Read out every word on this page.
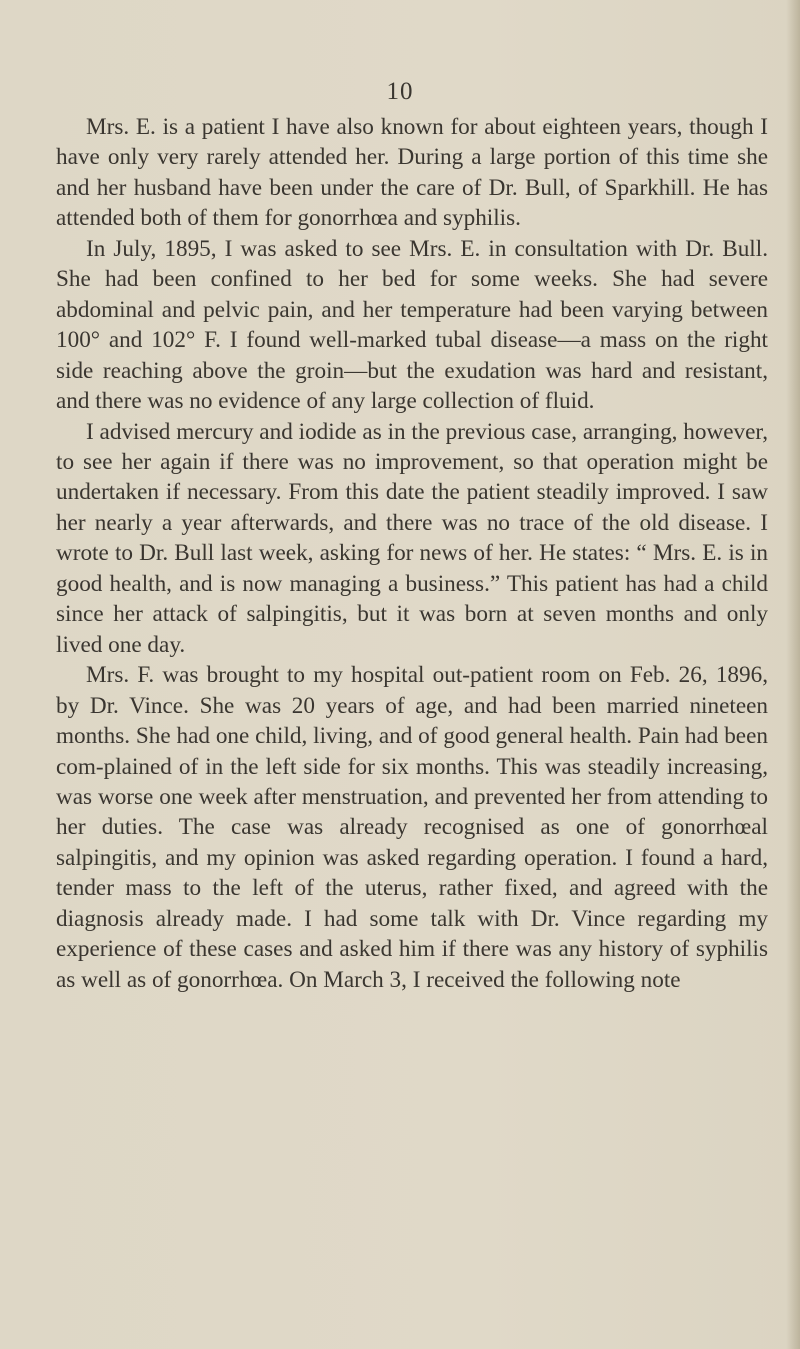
10

Mrs. E. is a patient I have also known for about eighteen years, though I have only very rarely attended her. During a large portion of this time she and her husband have been under the care of Dr. Bull, of Sparkhill. He has attended both of them for gonorrhœa and syphilis.

In July, 1895, I was asked to see Mrs. E. in consultation with Dr. Bull. She had been confined to her bed for some weeks. She had severe abdominal and pelvic pain, and her temperature had been varying between 100° and 102° F. I found well-marked tubal disease—a mass on the right side reaching above the groin—but the exudation was hard and resistant, and there was no evidence of any large collection of fluid.

I advised mercury and iodide as in the previous case, arranging, however, to see her again if there was no improvement, so that operation might be undertaken if necessary. From this date the patient steadily improved. I saw her nearly a year afterwards, and there was no trace of the old disease. I wrote to Dr. Bull last week, asking for news of her. He states: “ Mrs. E. is in good health, and is now managing a business.” This patient has had a child since her attack of salpingitis, but it was born at seven months and only lived one day.

Mrs. F. was brought to my hospital out-patient room on Feb. 26, 1896, by Dr. Vince. She was 20 years of age, and had been married nineteen months. She had one child, living, and of good general health. Pain had been com-plained of in the left side for six months. This was steadily increasing, was worse one week after menstruation, and prevented her from attending to her duties. The case was already recognised as one of gonorrhœal salpingitis, and my opinion was asked regarding operation. I found a hard, tender mass to the left of the uterus, rather fixed, and agreed with the diagnosis already made. I had some talk with Dr. Vince regarding my experience of these cases and asked him if there was any history of syphilis as well as of gonorrhœa. On March 3, I received the following note
